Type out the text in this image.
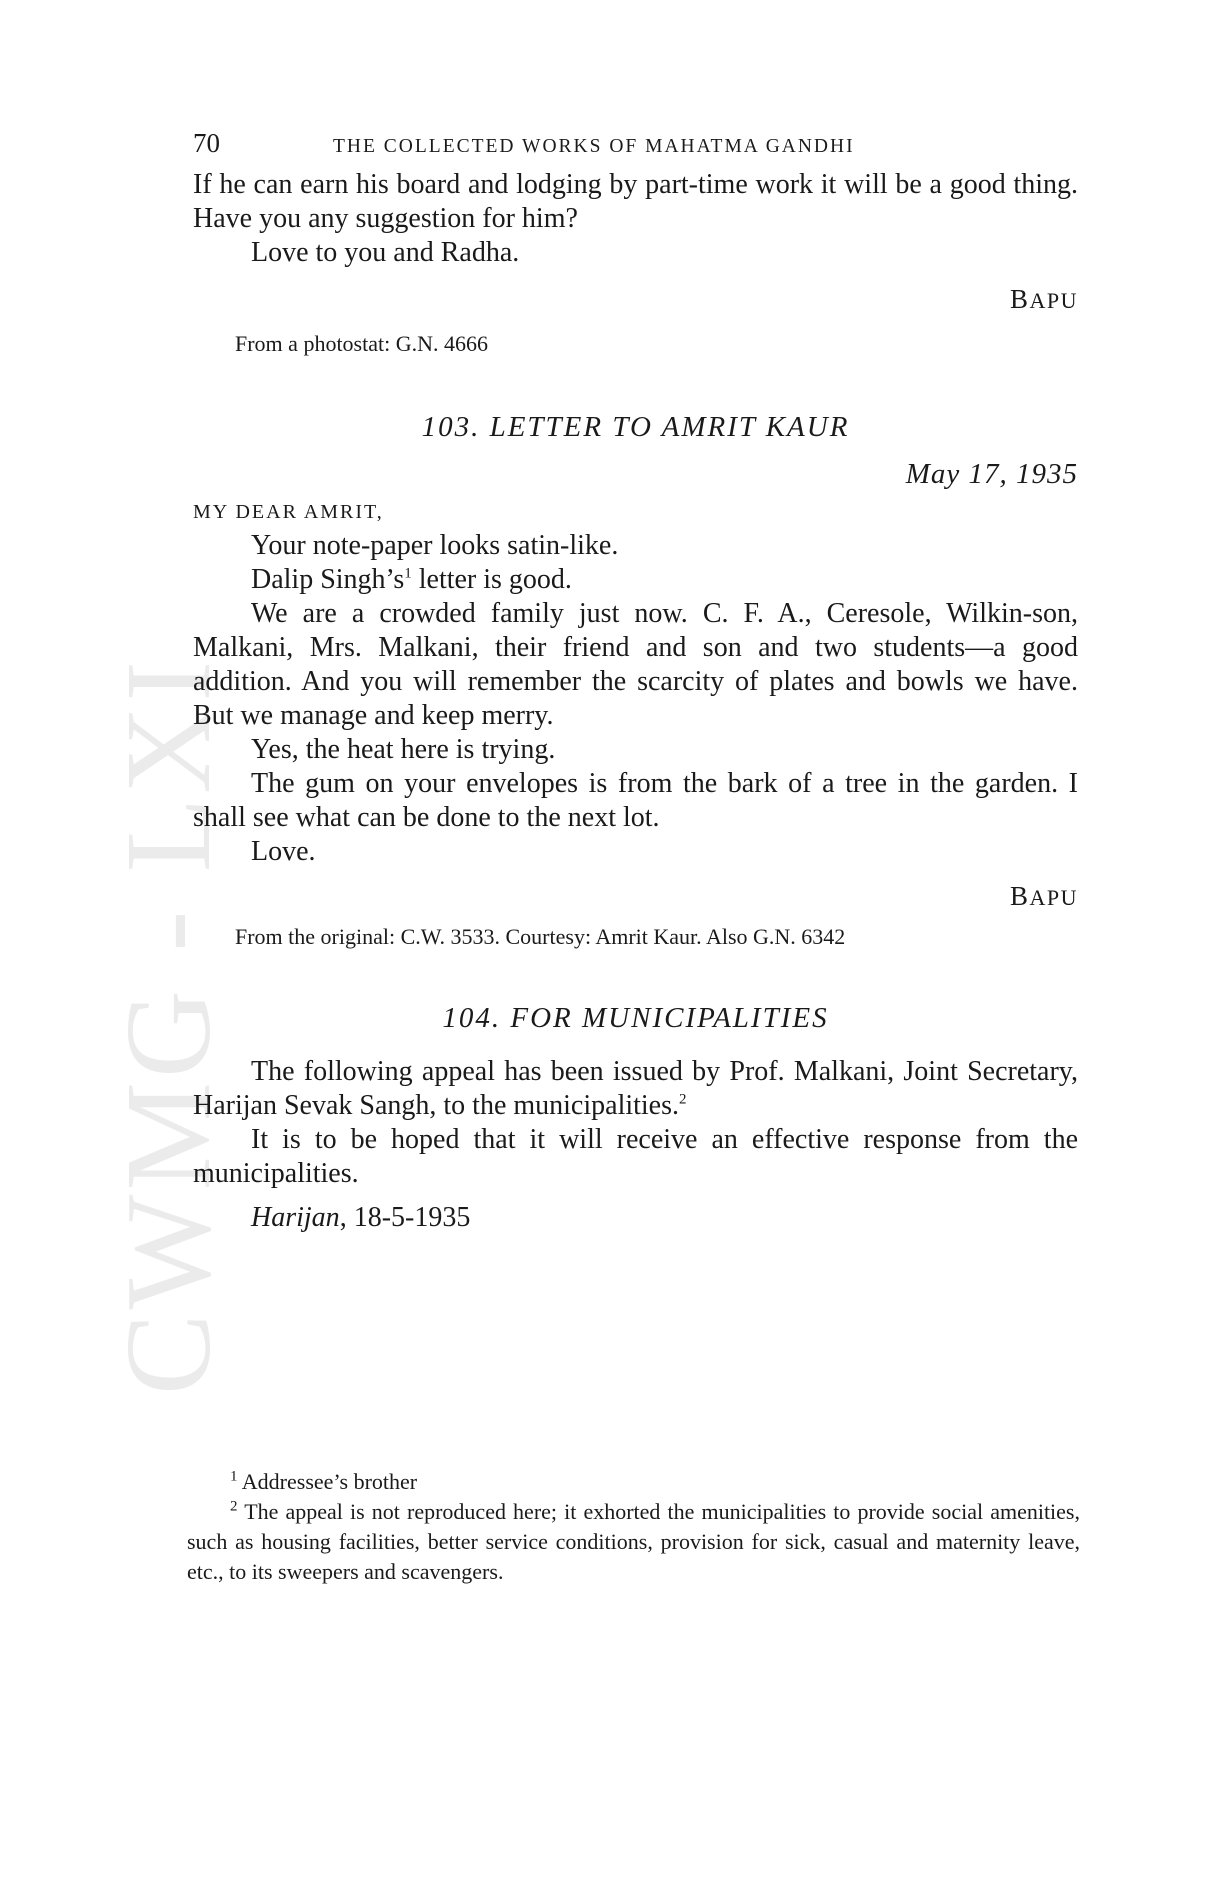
CWMG - LXI
70	THE COLLECTED WORKS OF MAHATMA GANDHI

If he can earn his board and lodging by part-time work it will be a good thing. Have you any suggestion for him?

Love to you and Radha.

BAPU

From a photostat: G.N. 4666

103. LETTER TO AMRIT KAUR
May 17, 1935
MY DEAR AMRIT,

Your note-paper looks satin-like.

Dalip $Singh’s^1$ letter is good.

We are a crowded family just now. C. F. A., Ceresole, Wilkin-son, Malkani, Mrs. Malkani, their friend and son and two students—a good addition. And you will remember the scarcity of plates and bowls we have. But we manage and keep merry.

Yes, the heat here is trying.

The gum on your envelopes is from the bark of a tree in the garden. I shall see what can be done to the next lot.

Love.

BAPU

From the original: C.W. 3533. Courtesy: Amrit Kaur. Also G.N. 6342

104. FOR MUNICIPALITIES

The following appeal has been issued by Prof. Malkani, Joint Secretary, Harijan Sevak Sangh, to the municipalities.$^2$

It is to be hoped that it will receive an effective response from the municipalities.

Harijan, 18-5-1935

$^1$ Addressee’s brother

$^2$ The appeal is not reproduced here; it exhorted the municipalities to provide social amenities, such as housing facilities, better service conditions, provision for sick, casual and maternity leave, etc., to its sweepers and scavengers.
